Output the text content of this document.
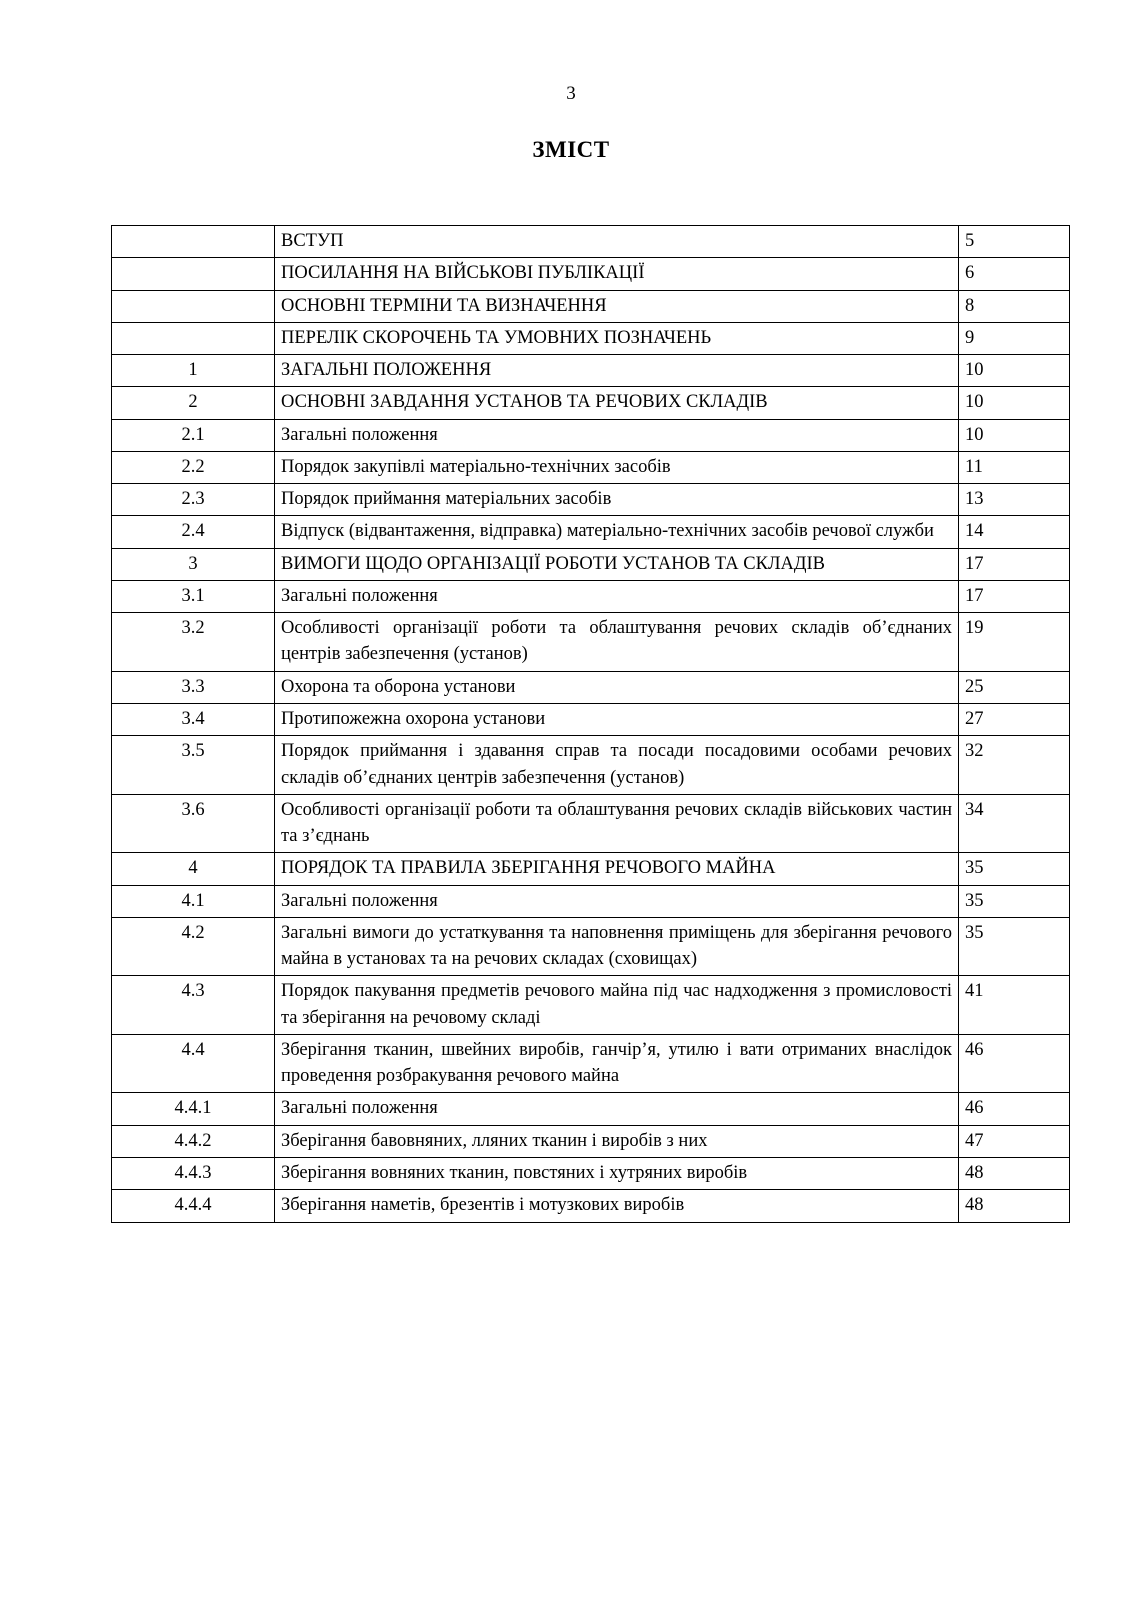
3
ЗМІСТ
	ВСТУП	5
	ПОСИЛАННЯ НА ВІЙСЬКОВІ ПУБЛІКАЦІЇ	6
	ОСНОВНІ ТЕРМІНИ ТА ВИЗНАЧЕННЯ	8
	ПЕРЕЛІК СКОРОЧЕНЬ ТА УМОВНИХ ПОЗНАЧЕНЬ	9
1	ЗАГАЛЬНІ ПОЛОЖЕННЯ	10
2	ОСНОВНІ ЗАВДАННЯ УСТАНОВ ТА РЕЧОВИХ СКЛАДІВ	10
2.1	Загальні положення	10
2.2	Порядок закупівлі матеріально-технічних засобів	11
2.3	Порядок приймання матеріальних засобів	13
2.4	Відпуск (відвантаження, відправка) матеріально-технічних засобів речової служби	14
3	ВИМОГИ ЩОДО ОРГАНІЗАЦІЇ РОБОТИ УСТАНОВ ТА СКЛАДІВ	17
3.1	Загальні положення	17
3.2	Особливості організації роботи та облаштування речових складів об’єднаних центрів забезпечення (установ)	19
3.3	Охорона та оборона установи	25
3.4	Протипожежна охорона установи	27
3.5	Порядок приймання і здавання справ та посади посадовими особами речових складів об’єднаних центрів забезпечення (установ)	32
3.6	Особливості організації роботи та облаштування речових складів військових частин та з’єднань	34
4	ПОРЯДОК ТА ПРАВИЛА ЗБЕРІГАННЯ РЕЧОВОГО МАЙНА	35
4.1	Загальні положення	35
4.2	Загальні вимоги до устаткування та наповнення приміщень для зберігання речового майна в установах та на речових складах (сховищах)	35
4.3	Порядок пакування предметів речового майна під час надходження з промисловості та зберігання на речовому складі	41
4.4	Зберігання тканин, швейних виробів, ганчір’я, утилю і вати отриманих внаслідок проведення розбракування речового майна	46
4.4.1	Загальні положення	46
4.4.2	Зберігання бавовняних, лляних тканин і виробів з них	47
4.4.3	Зберігання вовняних тканин, повстяних і хутряних виробів	48
4.4.4	Зберігання наметів, брезентів і мотузкових виробів	48
